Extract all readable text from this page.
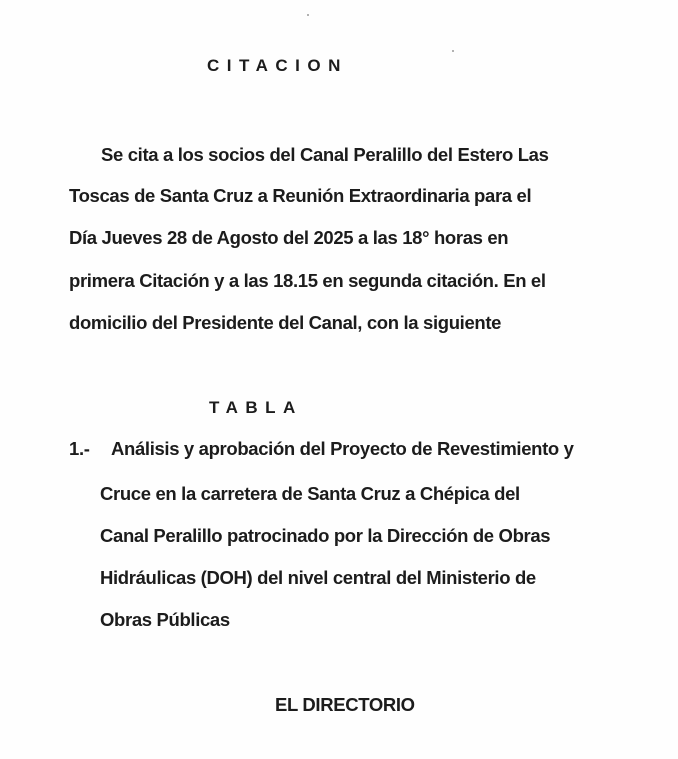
CITACION
Se cita a los socios del Canal Peralillo del Estero Las
Toscas de Santa Cruz a Reunión Extraordinaria para el
Día Jueves 28 de Agosto del 2025 a las 18° horas en
primera Citación y a las 18.15 en segunda citación. En el
domicilio del Presidente del Canal, con la siguiente
TABLA
1.- Análisis y aprobación del Proyecto de Revestimiento y
Cruce en la carretera de Santa Cruz a Chépica del
Canal Peralillo patrocinado por la Dirección de Obras
Hidráulicas (DOH) del nivel central del Ministerio de
Obras Públicas
EL DIRECTORIO
